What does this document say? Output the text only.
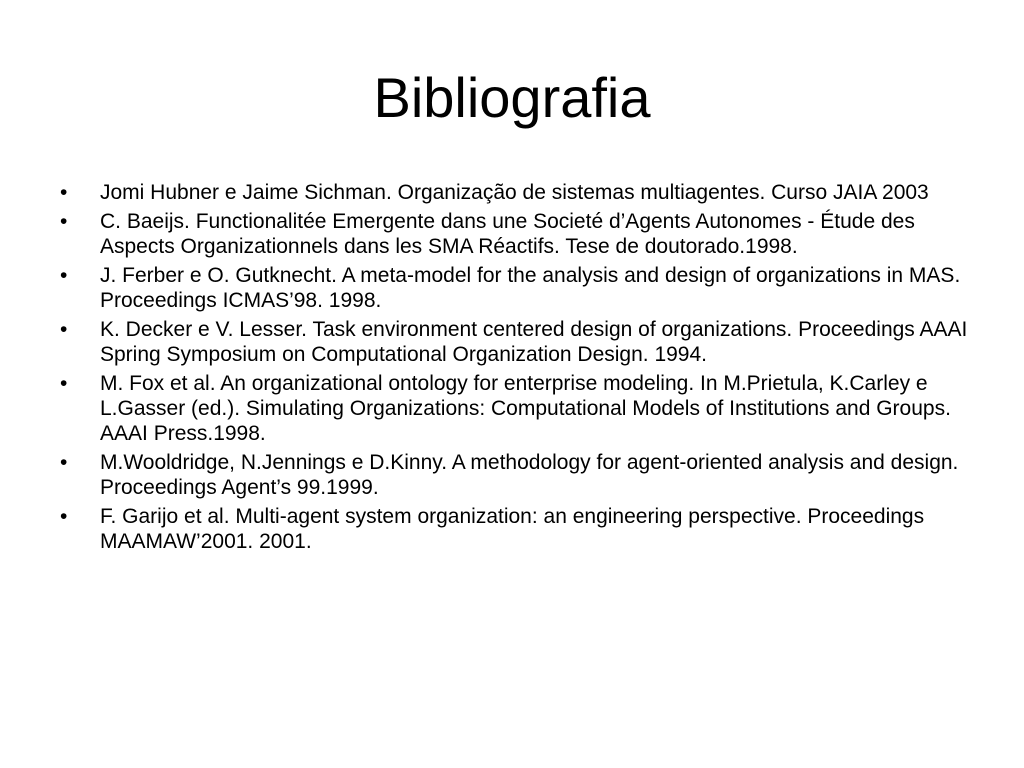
Bibliografia
•	Jomi Hubner e Jaime Sichman. Organização de sistemas multiagentes. Curso JAIA 2003
•	C. Baeijs. Functionalitée Emergente dans une Societé d’Agents Autonomes - Étude des Aspects Organizationnels dans les SMA Réactifs. Tese de doutorado.1998.
•	J. Ferber e O. Gutknecht. A meta-model for the analysis and design of organizations in MAS. Proceedings ICMAS’98. 1998.
•	K. Decker e V. Lesser. Task environment centered design of organizations. Proceedings AAAI Spring Symposium on Computational Organization Design. 1994.
•	M. Fox et al. An organizational ontology for enterprise modeling. In M.Prietula, K.Carley e L.Gasser (ed.). Simulating Organizations: Computational Models of Institutions and Groups. AAAI Press.1998.
•	M.Wooldridge, N.Jennings e D.Kinny. A methodology for agent-oriented analysis and design. Proceedings Agent’s 99.1999.
•	F. Garijo et al. Multi-agent system organization: an engineering perspective. Proceedings MAAMAW’2001. 2001.
